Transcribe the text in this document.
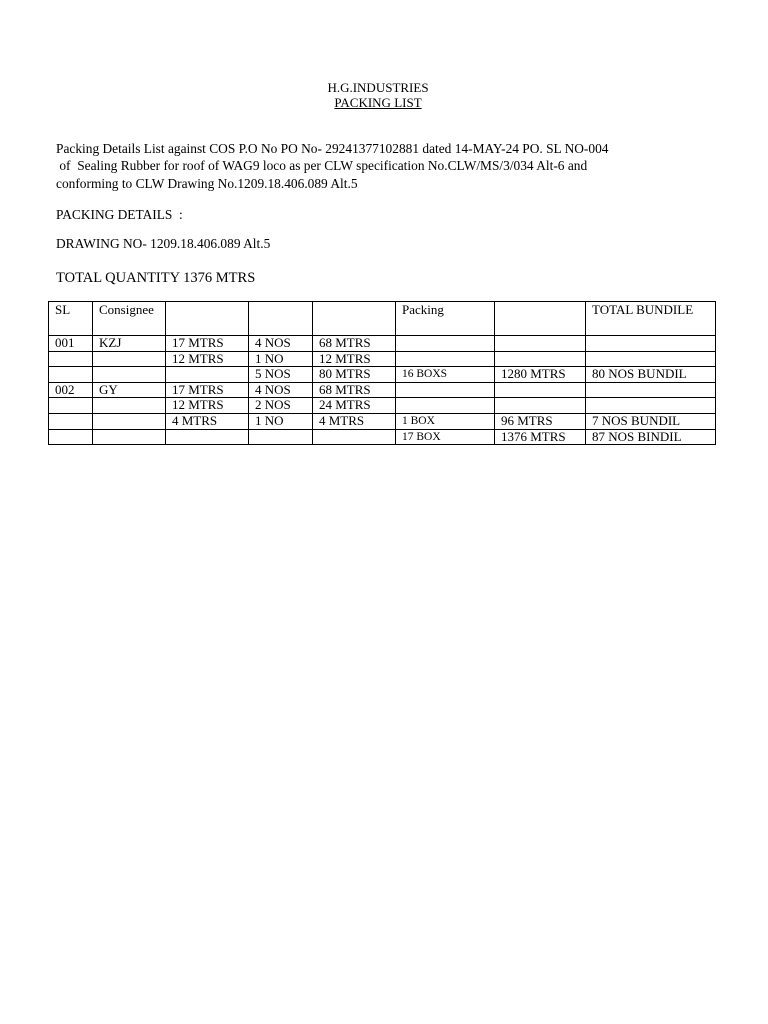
H.G.INDUSTRIES
PACKING LIST
Packing Details List against COS P.O No PO No- 29241377102881 dated 14-MAY-24 PO. SL NO-004
of  Sealing Rubber for roof of WAG9 loco as per CLW specification No.CLW/MS/3/034 Alt-6 and
conforming to CLW Drawing No.1209.18.406.089 Alt.5
PACKING DETAILS  :
DRAWING NO- 1209.18.406.089 Alt.5
TOTAL QUANTITY 1376 MTRS
SL	Consignee				Packing		TOTAL BUNDILE
001	KZJ	17 MTRS	4 NOS	68 MTRS			
		12 MTRS	1 NO	12 MTRS			
			5 NOS	80 MTRS	16 BOXS	1280 MTRS	80 NOS BUNDIL
002	GY	17 MTRS	4 NOS	68 MTRS			
		12 MTRS	2 NOS	24 MTRS			
		4 MTRS	1 NO	4 MTRS	1 BOX	96 MTRS	7 NOS BUNDIL
					17 BOX	1376 MTRS	87 NOS BINDIL
